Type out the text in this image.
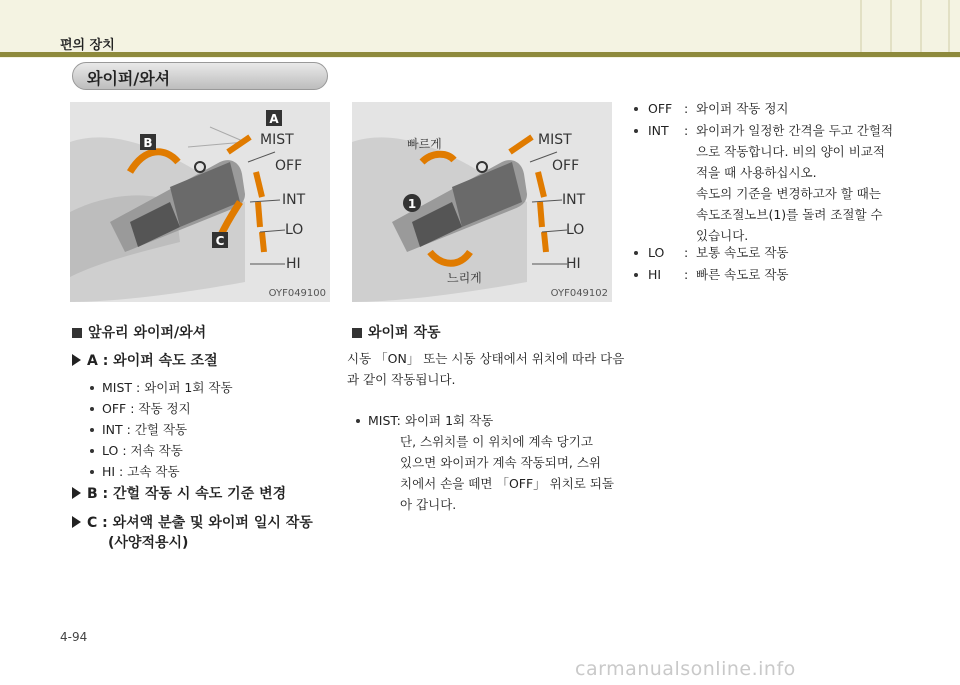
편의 장치
와이퍼/와셔
A
B
C
MIST
OFF
INT
LO
HI
OYF049100
1
빠르게
느리게
MIST
OFF
INT
LO
HI
OYF049102
앞유리 와이퍼/와셔
A : 와이퍼 속도 조절
MIST : 와이퍼 1회 작동
OFF : 작동 정지
INT : 간헐 작동
LO : 저속 작동
HI : 고속 작동
B : 간헐 작동 시 속도 기준 변경
C : 와셔액 분출 및 와이퍼 일시 작동
(사양적용시)
와이퍼 작동
시동 「ON」 또는 시동 상태에서 위치에 따라 다음
과 같이 작동됩니다.
MIST: 와이퍼 1회 작동
단, 스위치를 이 위치에 계속 당기고
있으면 와이퍼가 계속 작동되며, 스위
치에서 손을 떼면 「OFF」 위치로 되돌
아 갑니다.
OFF : 와이퍼 작동 정지
INT	: 와이퍼가 일정한 간격을 두고 간헐적
으로 작동합니다. 비의 양이 비교적
적을 때 사용하십시오.
속도의 기준을 변경하고자 할 때는
속도조절노브(1)를 돌려 조절할 수
있습니다.
LO	: 보통 속도로 작동
HI	: 빠른 속도로 작동
4-94
carmanualsonline.info
